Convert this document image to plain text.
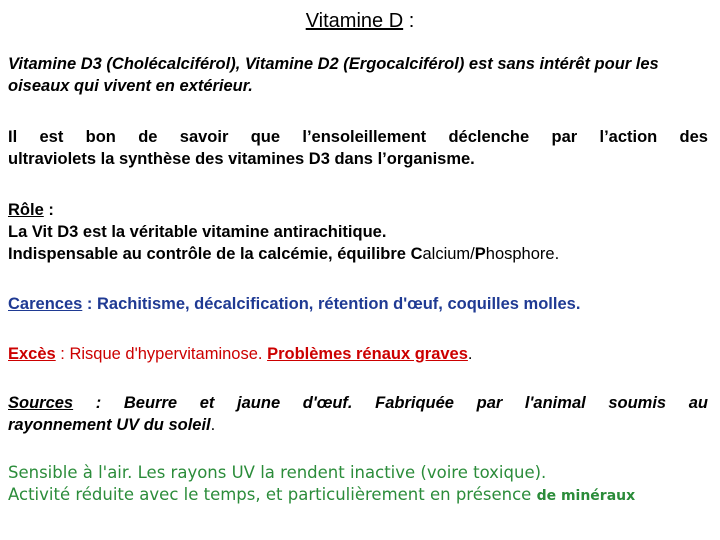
Vitamine D :
Vitamine D3 (Cholécalciférol), Vitamine D2 (Ergocalciférol) est sans intérêt pour les oiseaux qui vivent en extérieur.
Il est bon de savoir que l’ensoleillement déclenche par l’action des
ultraviolets la synthèse des vitamines D3 dans l’organisme.
Rôle :
La Vit D3 est la véritable vitamine antirachitique.
Indispensable au contrôle de la calcémie, équilibre Calcium/Phosphore.
Carences : Rachitisme, décalcification, rétention d'œuf, coquilles molles.
Excès : Risque d'hypervitaminose. Problèmes rénaux graves.
Sources : Beurre et jaune d'œuf. Fabriquée par l'animal soumis au
rayonnement UV du soleil.
Sensible à l'air. Les rayons UV la rendent inactive (voire toxique).
Activité réduite avec le temps, et particulièrement en présence de minéraux
